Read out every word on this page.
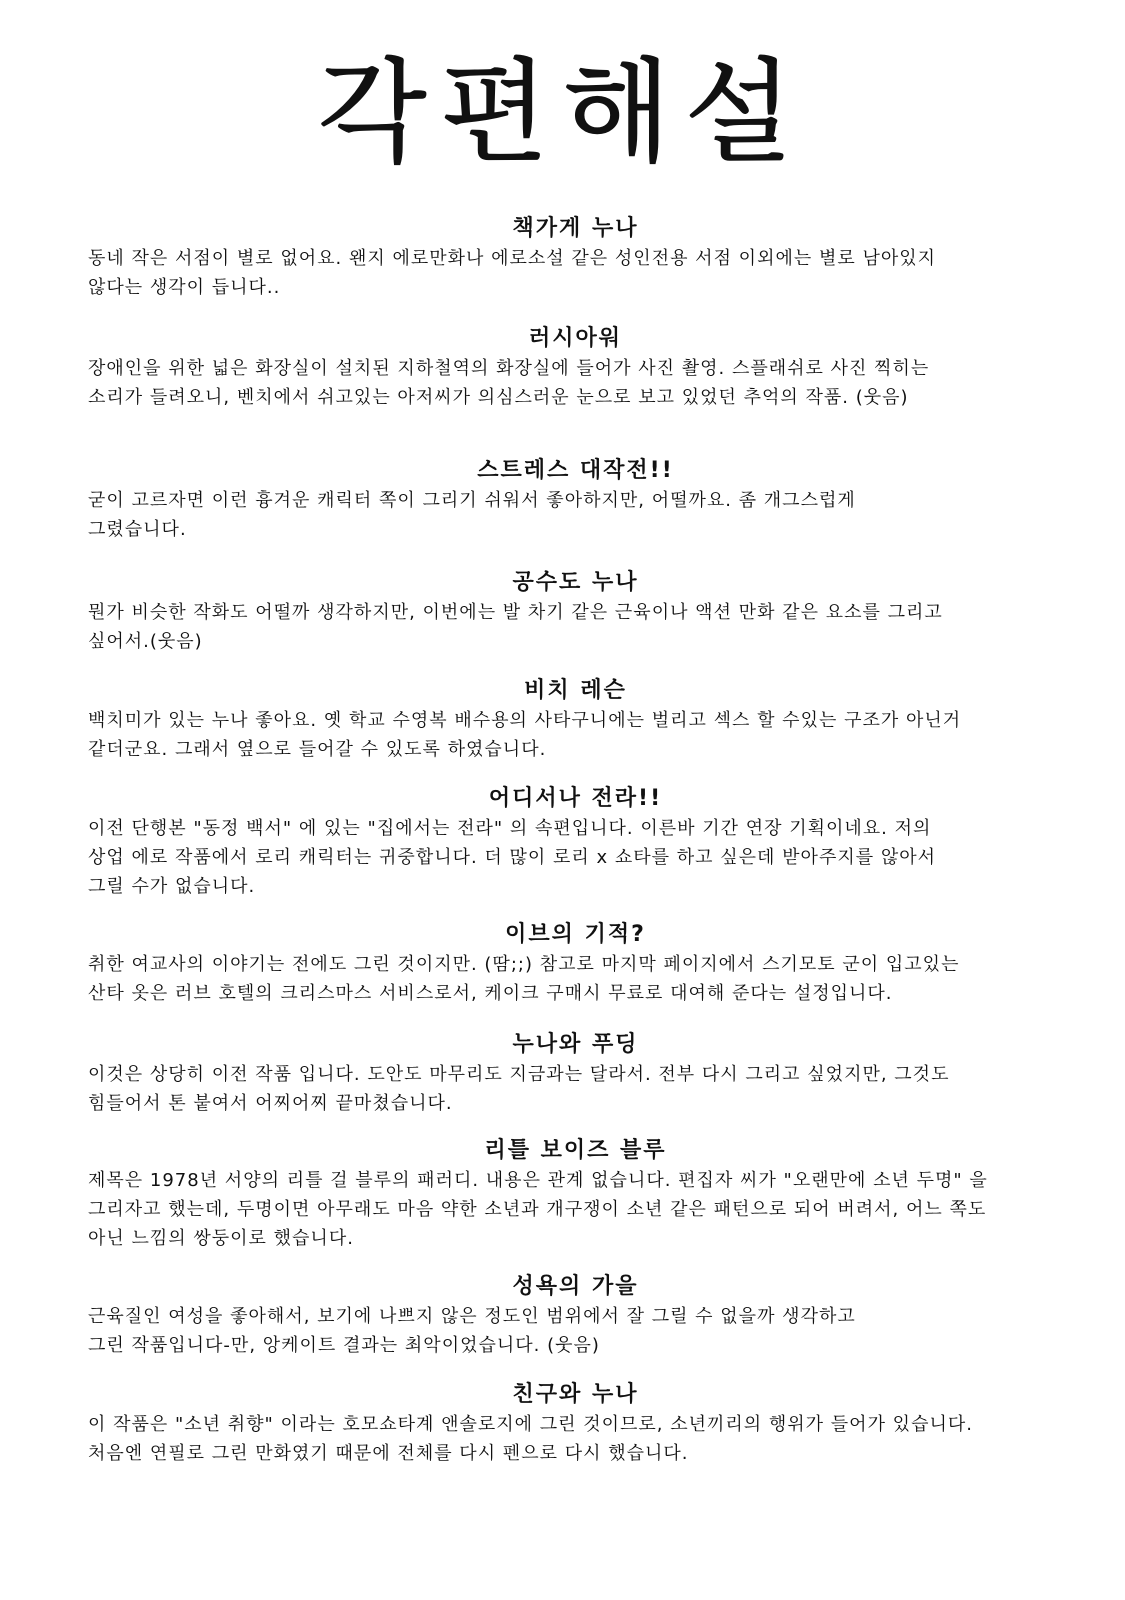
각편해설
책가게 누나

동네 작은 서점이 별로 없어요. 왠지 에로만화나 에로소설 같은 성인전용 서점 이외에는 별로 남아있지
않다는 생각이 듭니다..

러시아워

장애인을 위한 넓은 화장실이 설치된 지하철역의 화장실에 들어가 사진 촬영. 스플래쉬로 사진 찍히는
소리가 들려오니, 벤치에서 쉬고있는 아저씨가 의심스러운 눈으로 보고 있었던 추억의 작품. (웃음)

스트레스 대작전!!

굳이 고르자면 이런 흉겨운 캐릭터 쪽이 그리기 쉬워서 좋아하지만, 어떨까요. 좀 개그스럽게
그렸습니다.

공수도 누나

뭔가 비슷한 작화도 어떨까 생각하지만, 이번에는 발 차기 같은 근육이나 액션 만화 같은 요소를 그리고
싶어서.(웃음)

비치 레슨

백치미가 있는 누나 좋아요. 옛 학교 수영복 배수용의 사타구니에는 벌리고 섹스 할 수있는 구조가 아닌거
같더군요. 그래서 옆으로 들어갈 수 있도록 하였습니다.

어디서나 전라!!

이전 단행본 "동정 백서" 에 있는 "집에서는 전라" 의 속편입니다. 이른바 기간 연장 기획이네요. 저의
상업 에로 작품에서 로리 캐릭터는 귀중합니다. 더 많이 로리 x 쇼타를 하고 싶은데 받아주지를 않아서
그릴 수가 없습니다.

이브의 기적?

취한 여교사의 이야기는 전에도 그린 것이지만. (땀;;) 참고로 마지막 페이지에서 스기모토 군이 입고있는
산타 옷은 러브 호텔의 크리스마스 서비스로서, 케이크 구매시 무료로 대여해 준다는 설정입니다.

누나와 푸딩

이것은 상당히 이전 작품 입니다. 도안도 마무리도 지금과는 달라서. 전부 다시 그리고 싶었지만, 그것도
힘들어서 톤 붙여서 어찌어찌 끝마쳤습니다.

리틀 보이즈 블루

제목은 1978년 서양의 리틀 걸 블루의 패러디. 내용은 관계 없습니다. 편집자 씨가 "오랜만에 소년 두명" 을
그리자고 했는데, 두명이면 아무래도 마음 약한 소년과 개구쟁이 소년 같은 패턴으로 되어 버려서, 어느 쪽도
아닌 느낌의 쌍둥이로 했습니다.

성욕의 가을

근육질인 여성을 좋아해서, 보기에 나쁘지 않은 정도인 범위에서 잘 그릴 수 없을까 생각하고
그린 작품입니다-만, 앙케이트 결과는 최악이었습니다. (웃음)

친구와 누나

이 작품은 "소년 취향" 이라는 호모쇼타계 앤솔로지에 그린 것이므로, 소년끼리의 행위가 들어가 있습니다.
처음엔 연필로 그린 만화였기 때문에 전체를 다시 펜으로 다시 했습니다.
